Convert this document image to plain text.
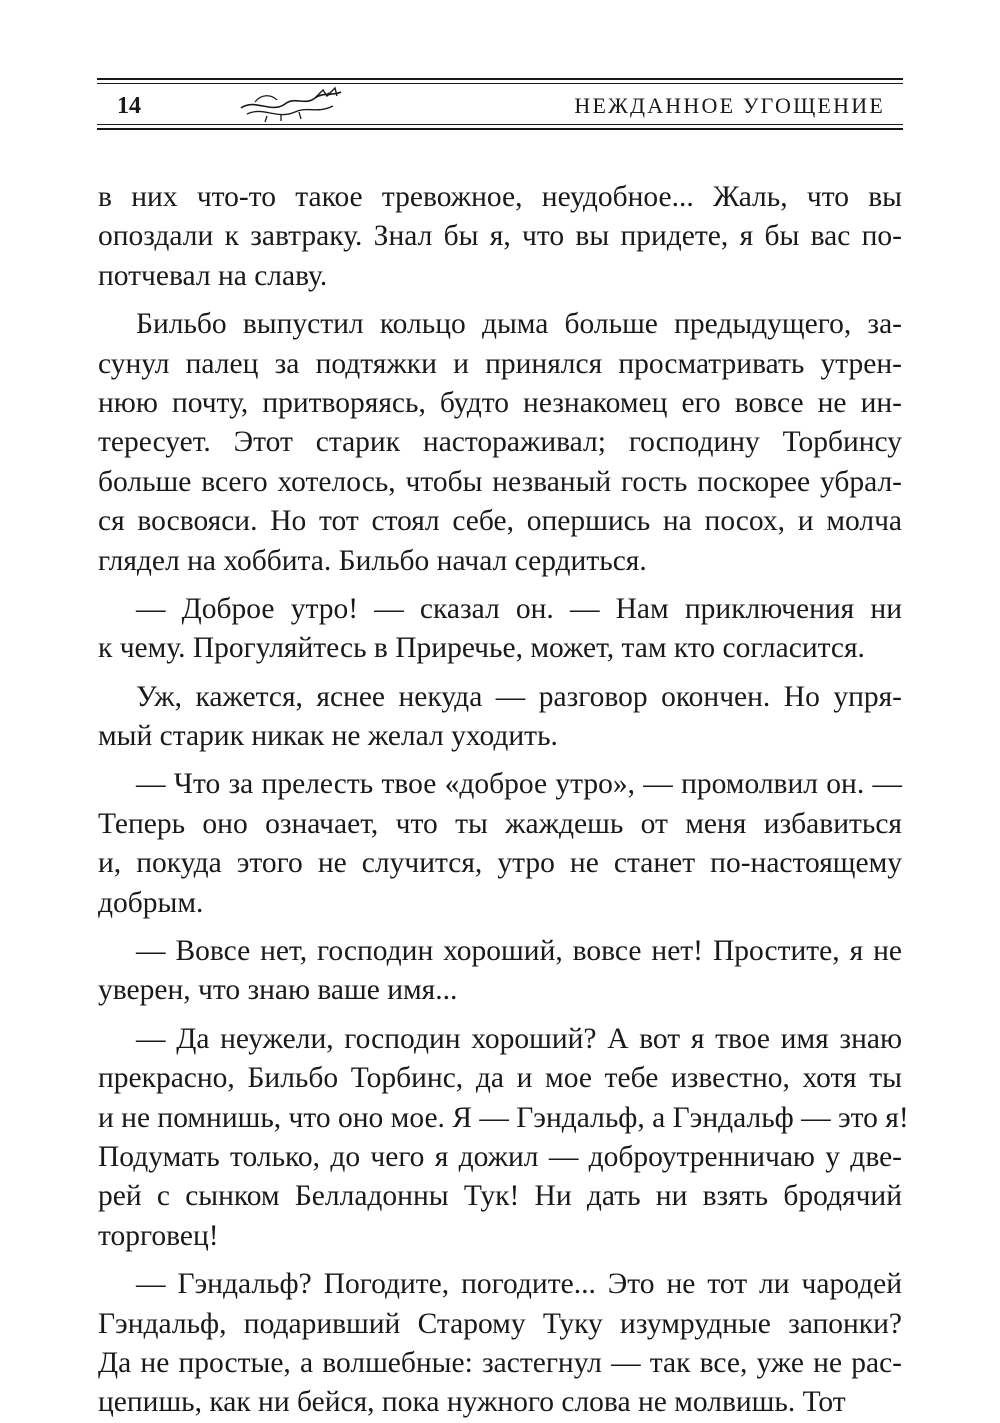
14	НЕЖДАННОЕ УГОЩЕНИЕ
в них что-то такое тревожное, неудобное... Жаль, что вы
опоздали к завтраку. Знал бы я, что вы придете, я бы вас по-
потчевал на славу.
Бильбо выпустил кольцо дыма больше предыдущего, за-
сунул палец за подтяжки и принялся просматривать утрен-
нюю почту, притворяясь, будто незнакомец его вовсе не ин-
тересует. Этот старик настораживал; господину Торбинсу
больше всего хотелось, чтобы незваный гость поскорее убрал-
ся восвояси. Но тот стоял себе, опершись на посох, и молча
глядел на хоббита. Бильбо начал сердиться.
— Доброе утро! — сказал он. — Нам приключения ни
к чему. Прогуляйтесь в Приречье, может, там кто согласится.
Уж, кажется, яснее некуда — разговор окончен. Но упря-
мый старик никак не желал уходить.
— Что за прелесть твое «доброе утро», — промолвил он. —
Теперь оно означает, что ты жаждешь от меня избавиться
и, покуда этого не случится, утро не станет по-настоящему
добрым.
— Вовсе нет, господин хороший, вовсе нет! Простите, я не
уверен, что знаю ваше имя...
— Да неужели, господин хороший? А вот я твое имя знаю
прекрасно, Бильбо Торбинс, да и мое тебе известно, хотя ты
и не помнишь, что оно мое. Я — Гэндальф, а Гэндальф — это я!
Подумать только, до чего я дожил — доброутренничаю у две-
рей с сынком Белладонны Тук! Ни дать ни взять бродячий
торговец!
— Гэндальф? Погодите, погодите... Это не тот ли чародей
Гэндальф, подаривший Старому Туку изумрудные запонки?
Да не простые, а волшебные: застегнул — так все, уже не рас-
цепишь, как ни бейся, пока нужного слова не молвишь. Тот
